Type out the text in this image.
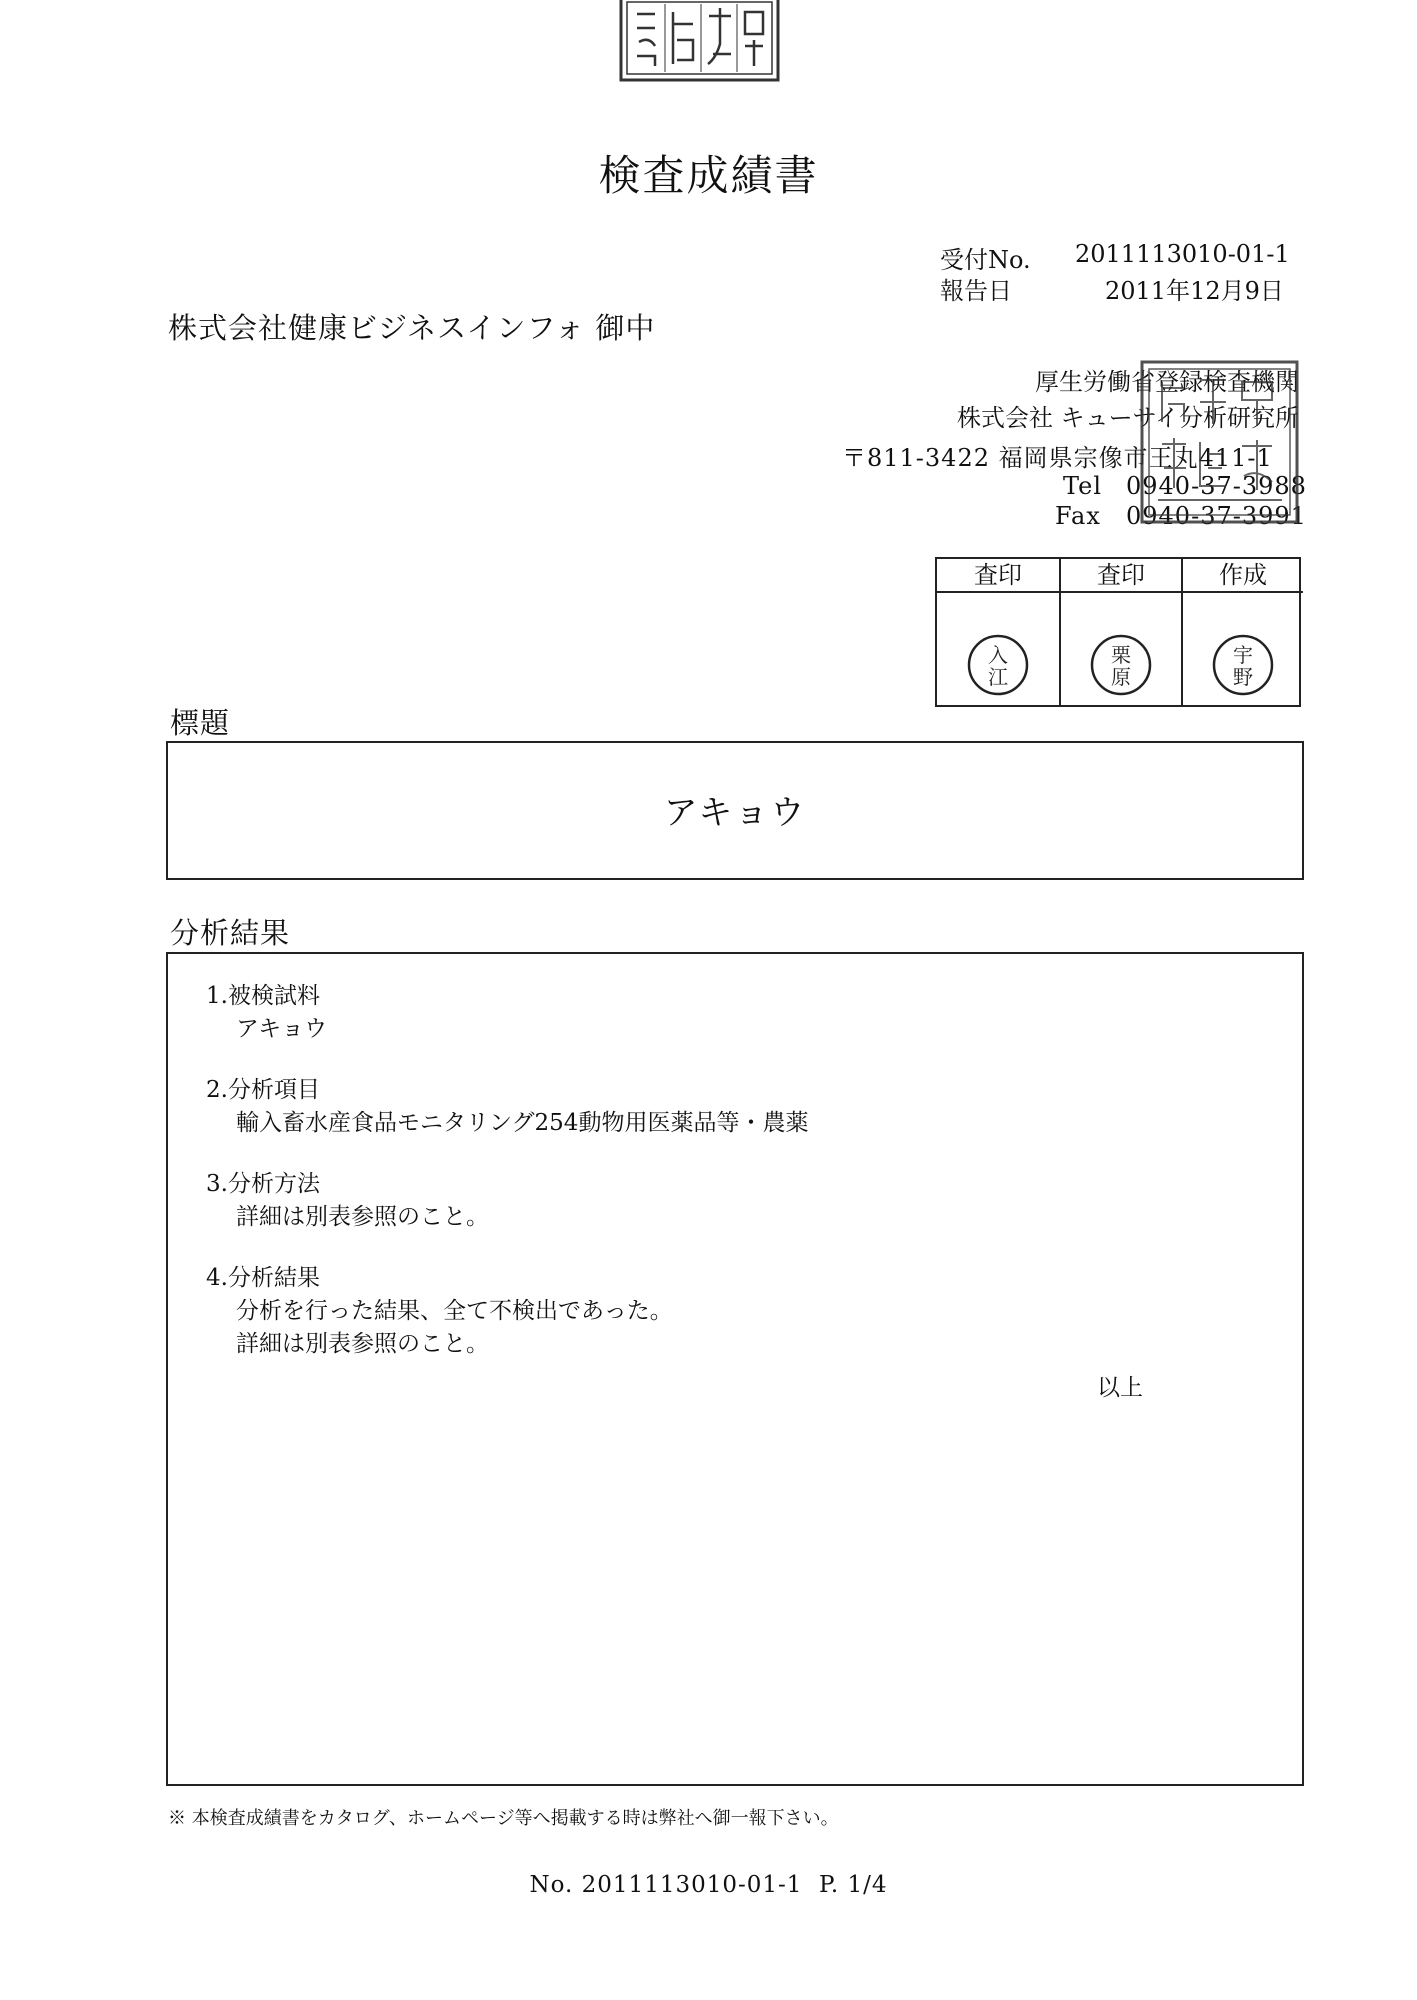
検査成績書
受付No. 2011113010-01-1
報告日	2011年12月9日
株式会社健康ビジネスインフォ 御中
厚生労働省登録検査機関
株式会社 キューサイ分析研究所
〒811-3422 福岡県宗像市王丸411-1
Tel 0940-37-3988
Fax 0940-37-3991
査印
入
江
査印
栗
原
作成
宇
野
標題
アキョウ
分析結果
1.被検試料
アキョウ
2.分析項目
輸入畜水産食品モニタリング254動物用医薬品等・農薬
3.分析方法
詳細は別表参照のこと。
4.分析結果
分析を行った結果、全て不検出であった。
詳細は別表参照のこと。
以上
※ 本検査成績書をカタログ、ホームページ等へ掲載する時は弊社へ御一報下さい。
No. 2011113010-01-1  P. 1/4
